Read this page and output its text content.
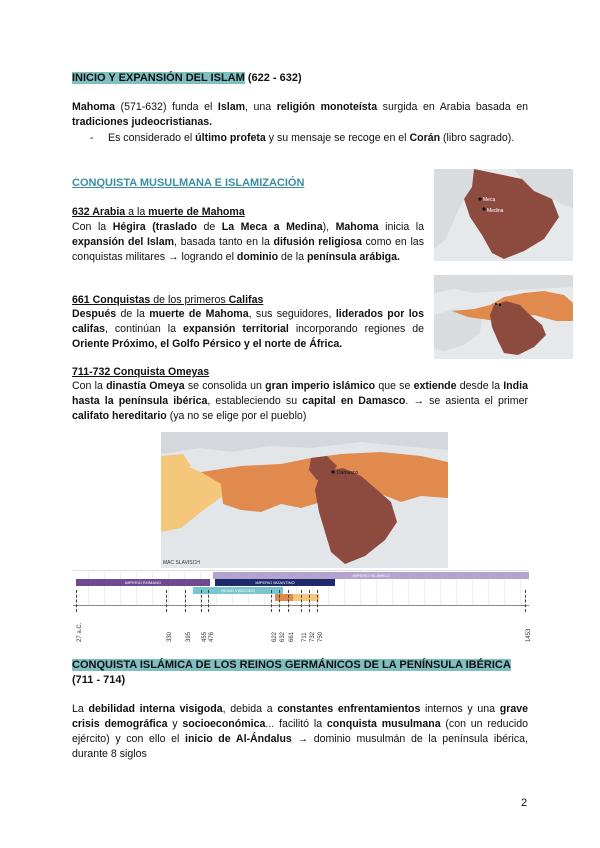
INICIO Y EXPANSIÓN DEL ISLAM (622 - 632)
Mahoma (571-632) funda el Islam, una religión monoteísta surgida en Arabia basada en tradiciones judeocristianas.
- Es considerado el último profeta y su mensaje se recoge en el Corán (libro sagrado).
CONQUISTA MUSULMANA E ISLAMIZACIÓN
632 Arabia a la muerte de Mahoma
Con la Hégira (traslado de La Meca a Medina), Mahoma inicia la expansión del Islam, basada tanto en la difusión religiosa como en las conquistas militares → logrando el dominio de la península arábiga.
Meca
Medina
661 Conquistas de los primeros Califas
Después de la muerte de Mahoma, sus seguidores, liderados por los califas, continúan la expansión territorial incorporando regiones de Oriente Próximo, el Golfo Pérsico y el norte de África.
711-732 Conquista Omeyas
Con la dinastía Omeya se consolida un gran imperio islámico que se extiende desde la India hasta la península ibérica, estableciendo su capital en Damasco. → se asienta el primer califato hereditario (ya no se elige por el pueblo)
Damasco
MAC SLAVISCH
IMPERIO ISLÁMICO
IMPERIO ROMANO	IMPERIO BIZANTINO
REINO VISIGODO
27 a.C.	330	395	455 476	622 632 661	711 732 750	1453
CONQUISTA ISLÁMICA DE LOS REINOS GERMÁNICOS DE LA PENÍNSULA IBÉRICA
(711 - 714)
La debilidad interna visigoda, debida a constantes enfrentamientos internos y una grave crisis demográfica y socioeconómica... facilitó la conquista musulmana (con un reducido ejército) y con ello el inicio de Al-Ándalus → dominio musulmán de la península ibérica, durante 8 siglos
2
